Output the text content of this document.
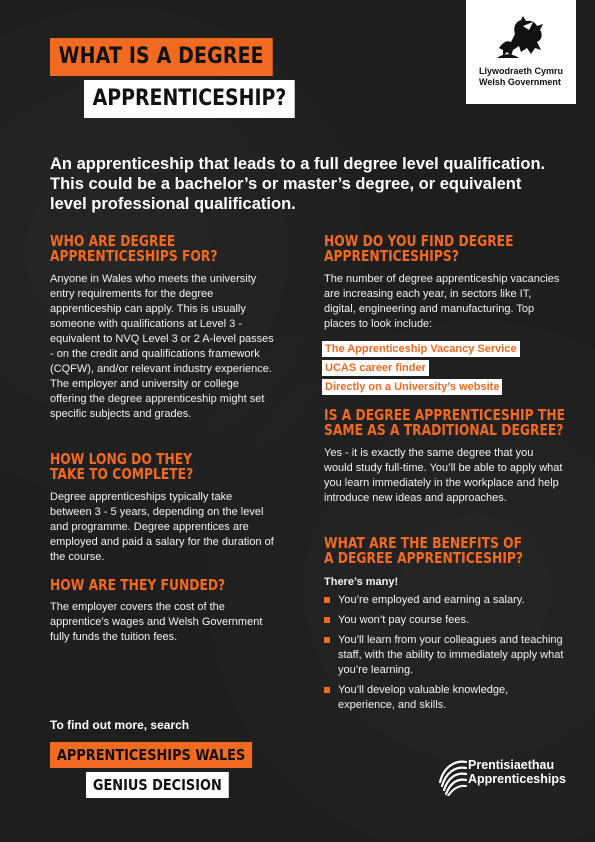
WHAT IS A DEGREE
APPRENTICESHIP?
Llywodraeth Cymru
Welsh Government
An apprenticeship that leads to a full degree level qualification. This could be a bachelor’s or master’s degree, or equivalent level professional qualification.
WHO ARE DEGREE
APPRENTICESHIPS FOR?
Anyone in Wales who meets the university entry requirements for the degree apprenticeship can apply. This is usually someone with qualifications at Level 3 - equivalent to NVQ Level 3 or 2 A-level passes - on the credit and qualifications framework (CQFW), and/or relevant industry experience. The employer and university or college offering the degree apprenticeship might set specific subjects and grades.
HOW LONG DO THEY
TAKE TO COMPLETE?
Degree apprenticeships typically take between 3 - 5 years, depending on the level and programme. Degree apprentices are employed and paid a salary for the duration of the course.
HOW ARE THEY FUNDED?
The employer covers the cost of the apprentice’s wages and Welsh Government fully funds the tuition fees.
HOW DO YOU FIND DEGREE
APPRENTICESHIPS?
The number of degree apprenticeship vacancies are increasing each year, in sectors like IT, digital, engineering and manufacturing. Top places to look include:
The Apprenticeship Vacancy Service
UCAS career finder
Directly on a University’s website
IS A DEGREE APPRENTICESHIP THE
SAME AS A TRADITIONAL DEGREE?
Yes - it is exactly the same degree that you would study full-time. You’ll be able to apply what you learn immediately in the workplace and help introduce new ideas and approaches.
WHAT ARE THE BENEFITS OF
A DEGREE APPRENTICESHIP?
There’s many!
You’re employed and earning a salary.
You won’t pay course fees.
You’ll learn from your colleagues and teaching staff, with the ability to immediately apply what you’re learning.
You’ll develop valuable knowledge, experience, and skills.
To find out more, search
APPRENTICESHIPS WALES
GENIUS DECISION
Prentisiaethau
Apprenticeships
